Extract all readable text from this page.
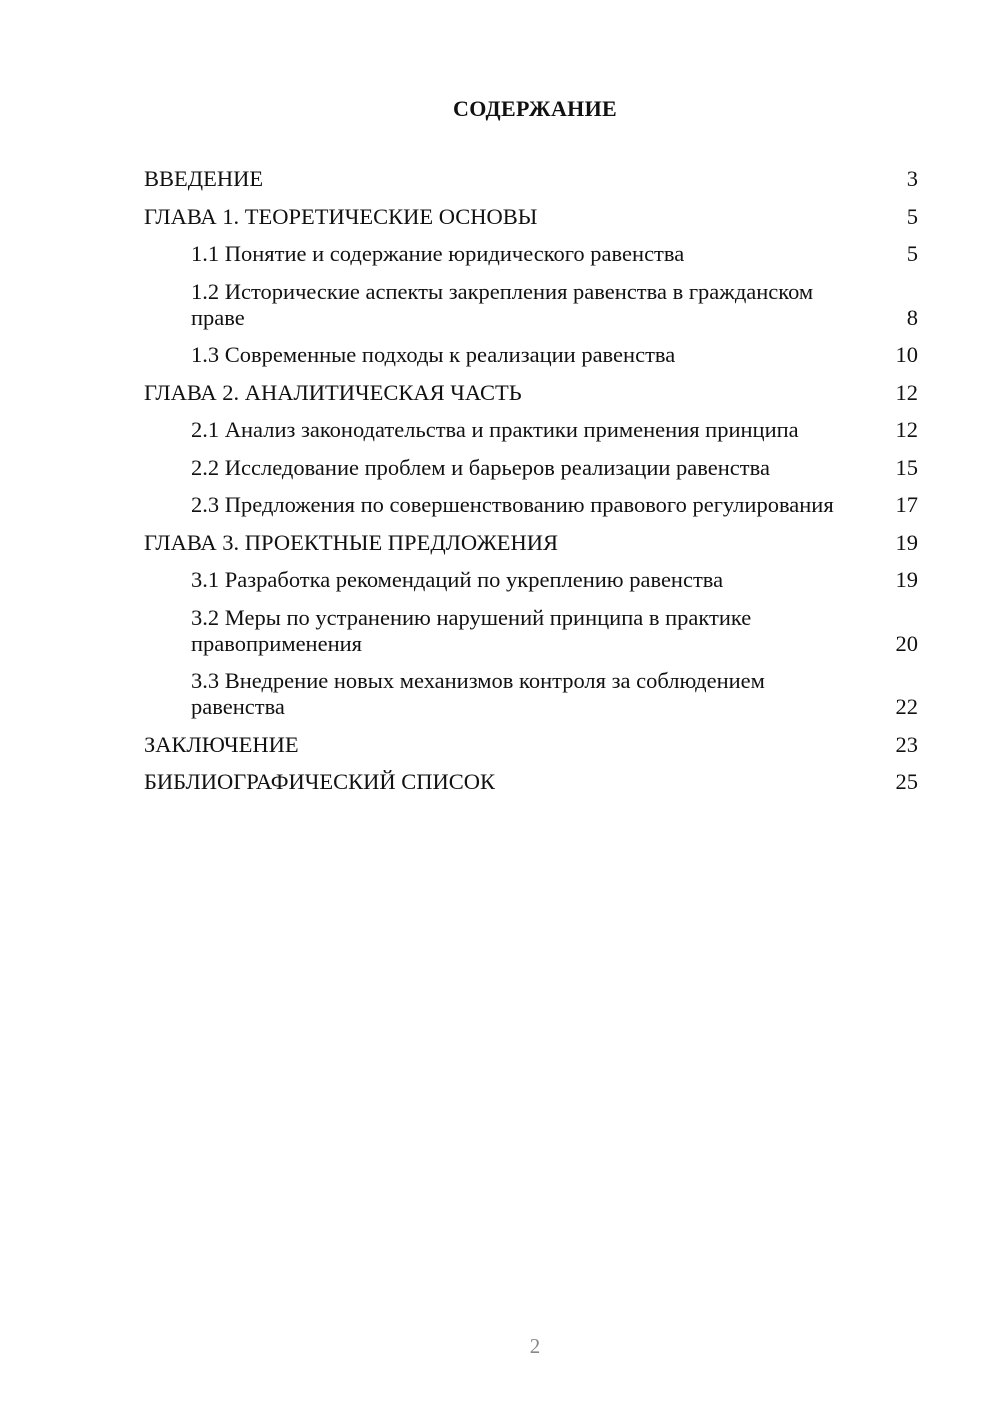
СОДЕРЖАНИЕ
ВВЕДЕНИЕ	3
ГЛАВА 1. ТЕОРЕТИЧЕСКИЕ ОСНОВЫ	5
1.1 Понятие и содержание юридического равенства	5
1.2 Исторические аспекты закрепления равенства в гражданском праве	8
1.3 Современные подходы к реализации равенства	10
ГЛАВА 2. АНАЛИТИЧЕСКАЯ ЧАСТЬ	12
2.1 Анализ законодательства и практики применения принципа	12
2.2 Исследование проблем и барьеров реализации равенства	15
2.3 Предложения по совершенствованию правового регулирования	17
ГЛАВА 3. ПРОЕКТНЫЕ ПРЕДЛОЖЕНИЯ	19
3.1 Разработка рекомендаций по укреплению равенства	19
3.2 Меры по устранению нарушений принципа в практике правоприменения	20
3.3 Внедрение новых механизмов контроля за соблюдением равенства	22
ЗАКЛЮЧЕНИЕ	23
БИБЛИОГРАФИЧЕСКИЙ СПИСОК	25
2
